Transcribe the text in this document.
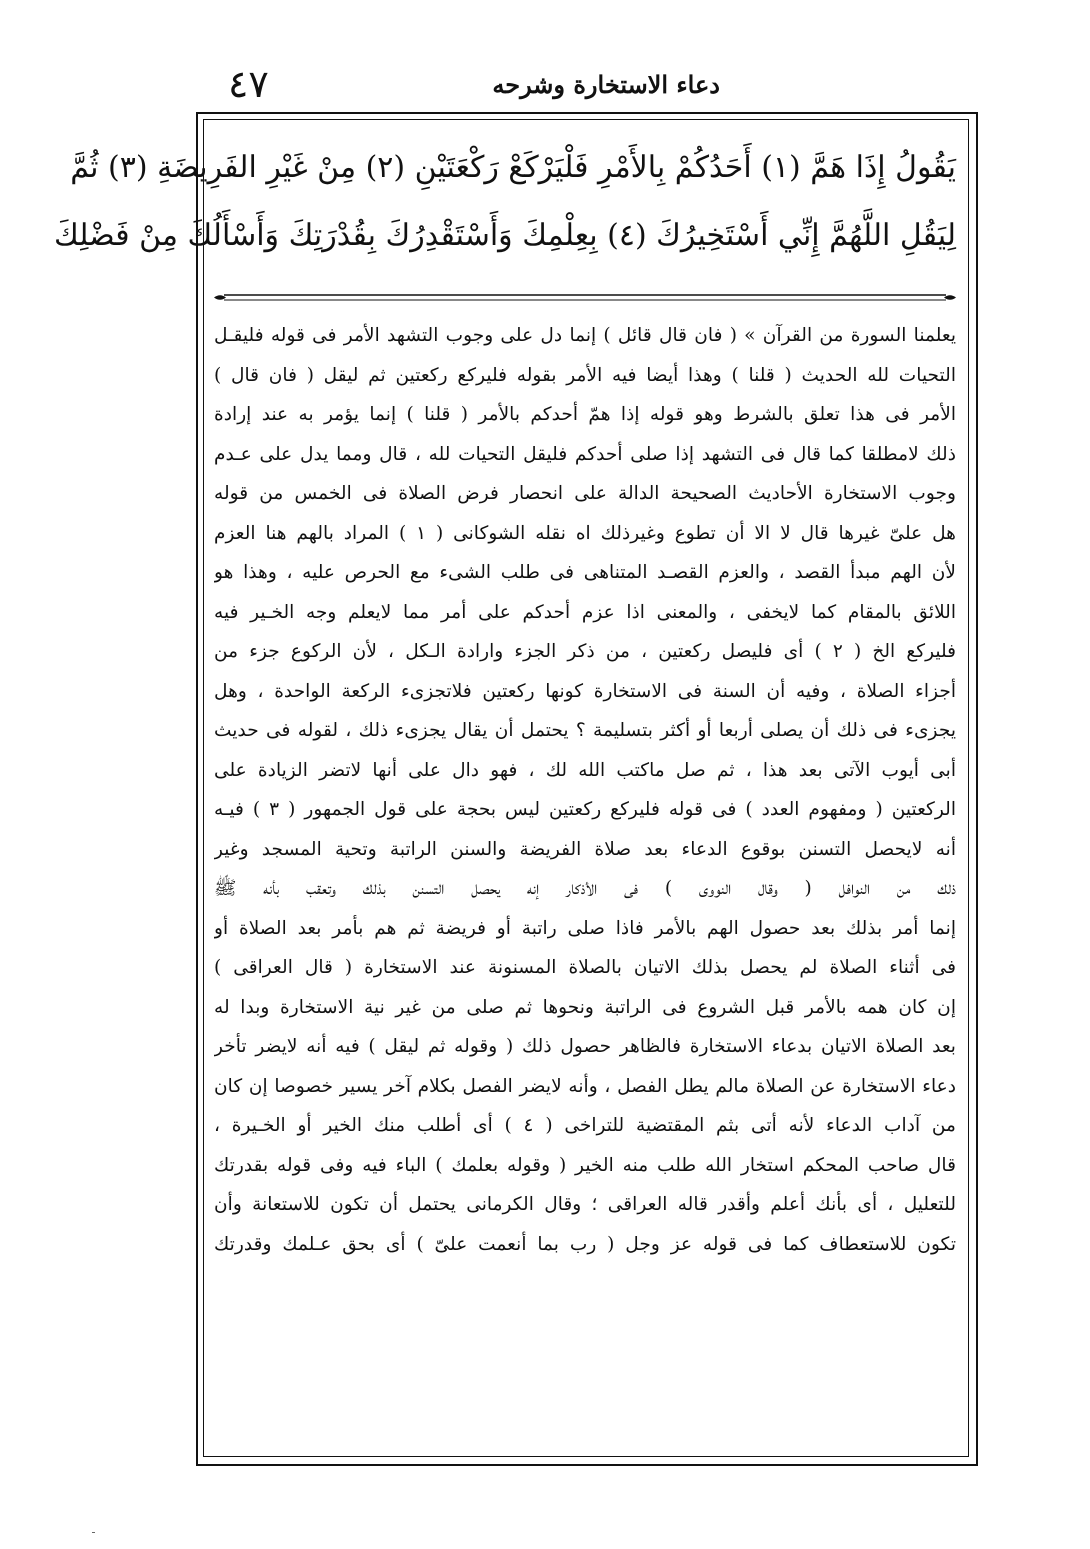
٤٧	دعاء الاستخارة وشرحه

يَقُولُ إِذَا هَمَّ (١) أَحَدُكُمْ بِالأَمْرِ فَلْيَرْكَعْ رَكْعَتَيْنِ (٢) مِنْ غَيْرِ الفَرِيضَةِ (٣) ثُمَّ

لِيَقُلِ اللَّهُمَّ إِنِّي أَسْتَخِيرُكَ (٤) بِعِلْمِكَ وَأَسْتَقْدِرُكَ بِقُدْرَتِكَ وَأَسْأَلُكَ مِنْ فَضْلِكَ

يعلمنا السورة من القرآن » ( فان قال قائل ) إنما دل على وجوب التشهد الأمر فى قوله فليقـل

التحيات لله الحديث ( قلنا ) وهذا أيضا فيه الأمر بقوله فليركع ركعتين ثم ليقل ( فان قال )

الأمر فى هذا تعلق بالشرط وهو قوله إذا همّ أحدكم بالأمر ( قلنا ) إنما يؤمر به عند إرادة

ذلك لامطلقا كما قال فى التشهد إذا صلى أحدكم فليقل التحيات لله ، قال ومما يدل على عـدم

وجوب الاستخارة الأحاديث الصحيحة الدالة على انحصار فرض الصلاة فى الخمس من قوله

هل علىّ غيرها قال لا الا أن تطوع وغيرذلك اه نقله الشوكانى ( ١ ) المراد بالهم هنا العزم

لأن الهم مبدأ القصد ، والعزم القصـد المتناهى فى طلب الشىء مع الحرص عليه ، وهذا هو

اللائق بالمقام كما لايخفى ، والمعنى اذا عزم أحدكم على أمر مما لايعلم وجه الخـير فيه

فليركع الخ ( ٢ ) أى فليصل ركعتين ، من ذكر الجزء وارادة الـكل ، لأن الركوع جزء من

أجزاء الصلاة ، وفيه أن السنة فى الاستخارة كونها ركعتين فلاتجزىء الركعة الواحدة ، وهل

يجزىء فى ذلك أن يصلى أربعا أو أكثر بتسليمة ؟ يحتمل أن يقال يجزىء ذلك ، لقوله فى حديث

أبى أيوب الآتى بعد هذا ، ثم صل ماكتب الله لك ، فهو دال على أنها لاتضر الزيادة على

الركعتين ( ومفهوم العدد ) فى قوله فليركع ركعتين ليس بحجة على قول الجمهور ( ٣ ) فيـه

أنه لايحصل التسنن بوقوع الدعاء بعد صلاة الفريضة والسنن الراتبة وتحية المسجد وغير

ذلك من النوافل ( وقال النووى ) فى الأذكار إنه يحصل التسنن بذلك وتعقب بأنه ﷺ

إنما أمر بذلك بعد حصول الهم بالأمر فاذا صلى راتبة أو فريضة ثم هم بأمر بعد الصلاة أو

فى أثناء الصلاة لم يحصل بذلك الاتيان بالصلاة المسنونة عند الاستخارة ( قال العراقى )

إن كان همه بالأمر قبل الشروع فى الراتبة ونحوها ثم صلى من غير نية الاستخارة وبدا له

بعد الصلاة الاتيان بدعاء الاستخارة فالظاهر حصول ذلك ( وقوله ثم ليقل ) فيه أنه لايضر تأخر

دعاء الاستخارة عن الصلاة مالم يطل الفصل ، وأنه لايضر الفصل بكلام آخر يسير خصوصا إن كان

من آداب الدعاء لأنه أتى بثم المقتضية للتراخى ( ٤ ) أى أطلب منك الخير أو الخـيرة ،

قال صاحب المحكم استخار الله طلب منه الخير ( وقوله بعلمك ) الباء فيه وفى قوله بقدرتك

للتعليل ، أى بأنك أعلم وأقدر قاله العراقى ؛ وقال الكرمانى يحتمل أن تكون للاستعانة وأن

تكون للاستعطاف كما فى قوله عز وجل ( رب بما أنعمت علىّ ) أى بحق عـلمك وقدرتك
